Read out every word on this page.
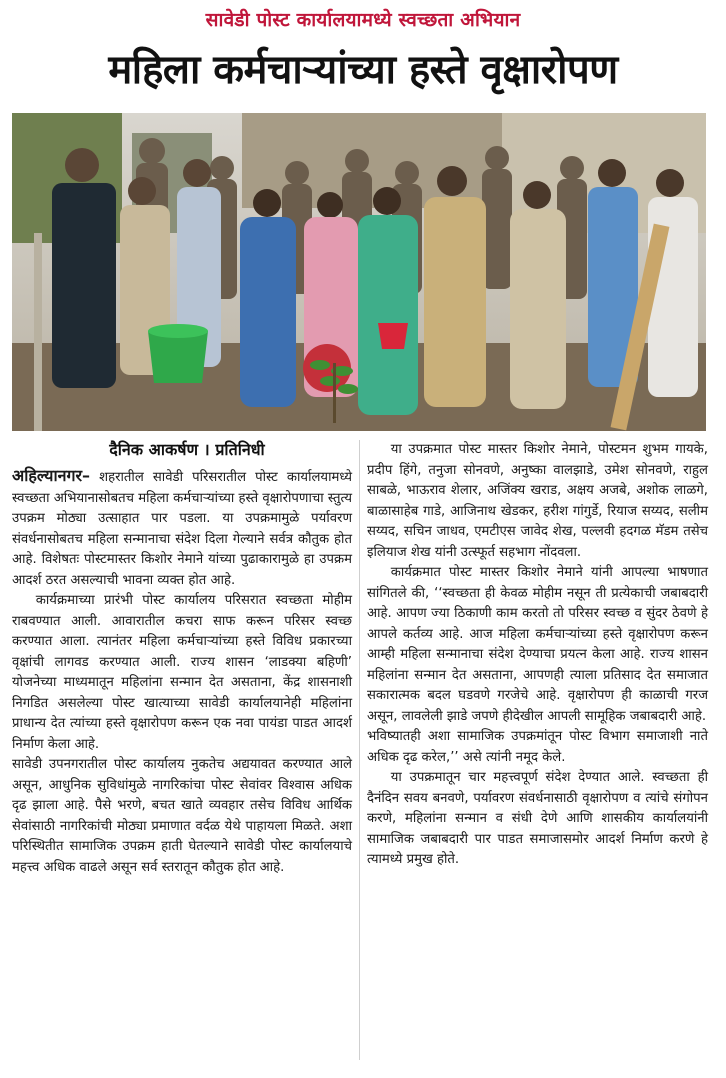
सावेडी पोस्ट कार्यालयामध्ये स्वच्छता अभियान
महिला कर्मचाऱ्यांच्या हस्ते वृक्षारोपण
दैनिक आकर्षण । प्रतिनिधी

अहिल्यानगर– शहरातील सावेडी परिसरातील पोस्ट कार्यालयामध्ये स्वच्छता अभियानासोबतच महिला कर्मचाऱ्यांच्या हस्ते वृक्षारोपणाचा स्तुत्य उपक्रम मोठ्या उत्साहात पार पडला. या उपक्रमामुळे पर्यावरण संवर्धनासोबतच महिला सन्मानाचा संदेश दिला गेल्याने सर्वत्र कौतुक होत आहे. विशेषतः पोस्टमास्तर किशोर नेमाने यांच्या पुढाकारामुळे हा उपक्रम आदर्श ठरत असल्याची भावना व्यक्त होत आहे.

कार्यक्रमाच्या प्रारंभी पोस्ट कार्यालय परिसरात स्वच्छता मोहीम राबवण्यात आली. आवारातील कचरा साफ करून परिसर स्वच्छ करण्यात आला. त्यानंतर महिला कर्मचाऱ्यांच्या हस्ते विविध प्रकारच्या वृक्षांची लागवड करण्यात आली. राज्य शासन ‘लाडक्या बहिणी’ योजनेच्या माध्यमातून महिलांना सन्मान देत असताना, केंद्र शासनाशी निगडित असलेल्या पोस्ट खात्याच्या सावेडी कार्यालयानेही महिलांना प्राधान्य देत त्यांच्या हस्ते वृक्षारोपण करून एक नवा पायंडा पाडत आदर्श निर्माण केला आहे.

सावेडी उपनगरातील पोस्ट कार्यालय नुकतेच अद्ययावत करण्यात आले असून, आधुनिक सुविधांमुळे नागरिकांचा पोस्ट सेवांवर विश्वास अधिक दृढ झाला आहे. पैसे भरणे, बचत खाते व्यवहार तसेच विविध आर्थिक सेवांसाठी नागरिकांची मोठ्या प्रमाणात वर्दळ येथे पाहायला मिळते. अशा परिस्थितीत सामाजिक उपक्रम हाती घेतल्याने सावेडी पोस्ट कार्यालयाचे महत्त्व अधिक वाढले असून सर्व स्तरातून कौतुक होत आहे.

या उपक्रमात पोस्ट मास्तर किशोर नेमाने, पोस्टमन शुभम गायके, प्रदीप हिंगे, तनुजा सोनवणे, अनुष्का वालझाडे, उमेश सोनवणे, राहुल साबळे, भाऊराव शेलार, अजिंक्य खराड, अक्षय अजबे, अशोक लाळगे, बाळासाहेब गाडे, आजिनाथ खेडकर, हरीश गांगुर्डे, रियाज सय्यद, सलीम सय्यद, सचिन जाधव, एमटीएस जावेद शेख, पल्लवी हदगळ मॅडम तसेच इलियाज शेख यांनी उत्स्फूर्त सहभाग नोंदवला.

कार्यक्रमात पोस्ट मास्तर किशोर नेमाने यांनी आपल्या भाषणात सांगितले की, ‘‘स्वच्छता ही केवळ मोहीम नसून ती प्रत्येकाची जबाबदारी आहे. आपण ज्या ठिकाणी काम करतो तो परिसर स्वच्छ व सुंदर ठेवणे हे आपले कर्तव्य आहे. आज महिला कर्मचाऱ्यांच्या हस्ते वृक्षारोपण करून आम्ही महिला सन्मानाचा संदेश देण्याचा प्रयत्न केला आहे. राज्य शासन महिलांना सन्मान देत असताना, आपणही त्याला प्रतिसाद देत समाजात सकारात्मक बदल घडवणे गरजेचे आहे. वृक्षारोपण ही काळाची गरज असून, लावलेली झाडे जपणे हीदेखील आपली सामूहिक जबाबदारी आहे.

भविष्यातही अशा सामाजिक उपक्रमांतून पोस्ट विभाग समाजाशी नाते अधिक दृढ करेल,’’ असे त्यांनी नमूद केले.

या उपक्रमातून चार महत्त्वपूर्ण संदेश देण्यात आले. स्वच्छता ही दैनंदिन सवय बनवणे, पर्यावरण संवर्धनासाठी वृक्षारोपण व त्यांचे संगोपन करणे, महिलांना सन्मान व संधी देणे आणि शासकीय कार्यालयांनी सामाजिक जबाबदारी पार पाडत समाजासमोर आदर्श निर्माण करणे हे त्यामध्ये प्रमुख होते.
